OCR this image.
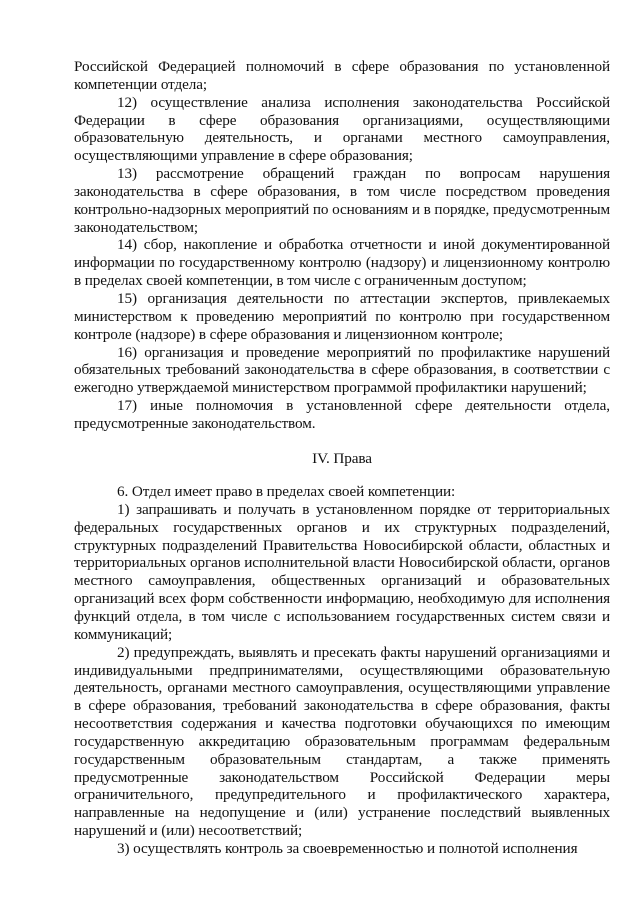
Российской Федерацией полномочий в сфере образования по установленной компетенции отдела;

12) осуществление анализа исполнения законодательства Российской Федерации в сфере образования организациями, осуществляющими образовательную деятельность, и органами местного самоуправления, осуществляющими управление в сфере образования;

13) рассмотрение обращений граждан по вопросам нарушения законодательства в сфере образования, в том числе посредством проведения контрольно-надзорных мероприятий по основаниям и в порядке, предусмотренным законодательством;

14) сбор, накопление и обработка отчетности и иной документированной информации по государственному контролю (надзору) и лицензионному контролю в пределах своей компетенции, в том числе с ограниченным доступом;

15) организация деятельности по аттестации экспертов, привлекаемых министерством к проведению мероприятий по контролю при государственном контроле (надзоре) в сфере образования и лицензионном контроле;

16) организация и проведение мероприятий по профилактике нарушений обязательных требований законодательства в сфере образования, в соответствии с ежегодно утверждаемой министерством программой профилактики нарушений;

17) иные полномочия в установленной сфере деятельности отдела, предусмотренные законодательством.

IV. Права

6. Отдел имеет право в пределах своей компетенции:

1) запрашивать и получать в установленном порядке от территориальных федеральных государственных органов и их структурных подразделений, структурных подразделений Правительства Новосибирской области, областных и территориальных органов исполнительной власти Новосибирской области, органов местного самоуправления, общественных организаций и образовательных организаций всех форм собственности информацию, необходимую для исполнения функций отдела, в том числе с использованием государственных систем связи и коммуникаций;

2) предупреждать, выявлять и пресекать факты нарушений организациями и индивидуальными предпринимателями, осуществляющими образовательную деятельность, органами местного самоуправления, осуществляющими управление в сфере образования, требований законодательства в сфере образования, факты несоответствия содержания и качества подготовки обучающихся по имеющим государственную аккредитацию образовательным программам федеральным государственным образовательным стандартам, а также применять предусмотренные законодательством Российской Федерации меры ограничительного, предупредительного и профилактического характера, направленные на недопущение и (или) устранение последствий выявленных нарушений и (или) несоответствий;

3) осуществлять контроль за своевременностью и полнотой исполнения
